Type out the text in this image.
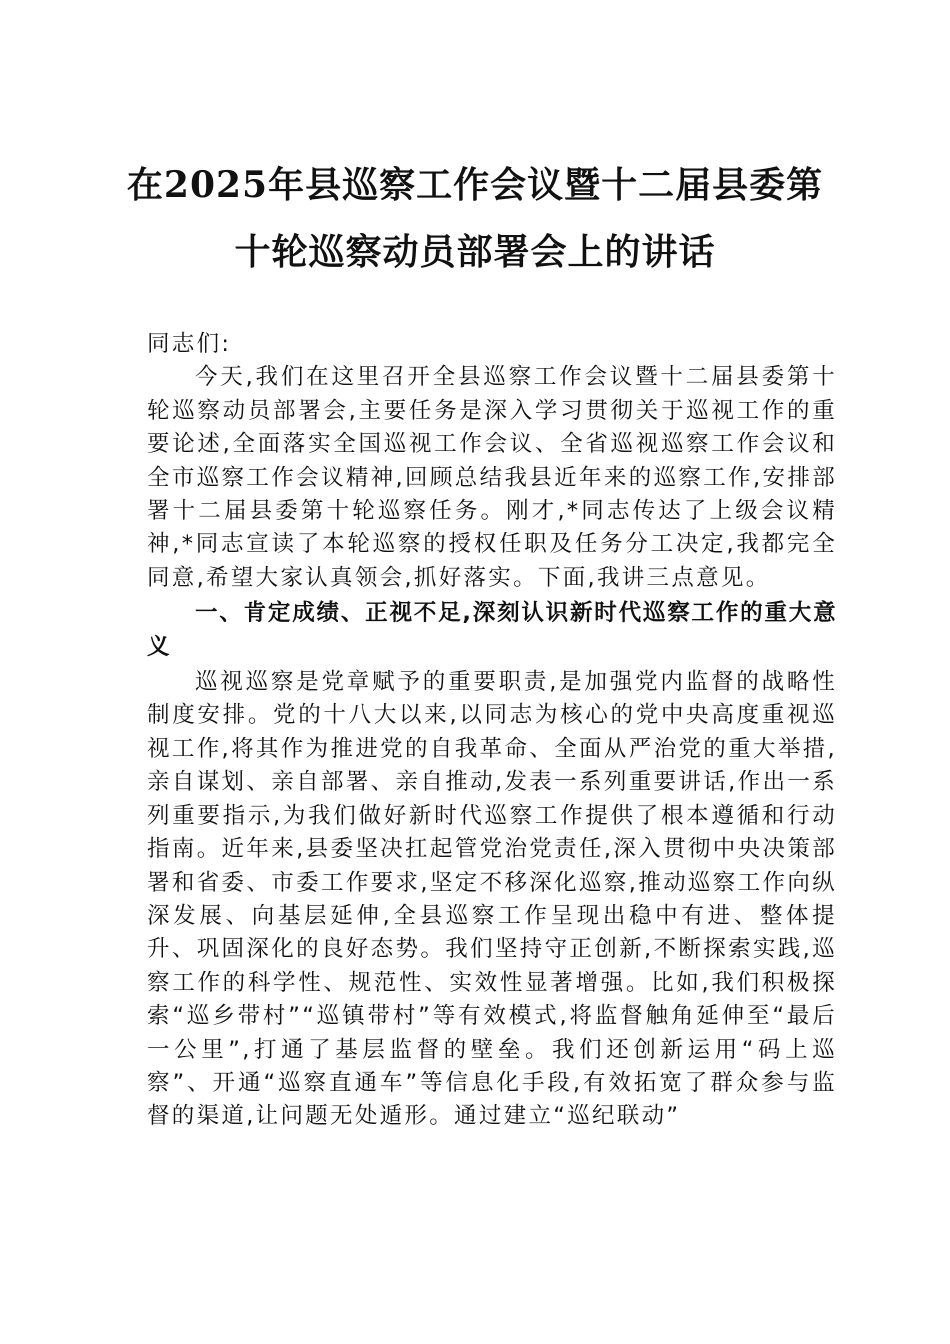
在2025年县巡察工作会议暨十二届县委第
十轮巡察动员部署会上的讲话

同志们:

今天,我们在这里召开全县巡察工作会议暨十二届县委第十轮巡察动员部署会,主要任务是深入学习贯彻关于巡视工作的重要论述,全面落实全国巡视工作会议、全省巡视巡察工作会议和全市巡察工作会议精神,回顾总结我县近年来的巡察工作,安排部署十二届县委第十轮巡察任务。刚才,*同志传达了上级会议精神,*同志宣读了本轮巡察的授权任职及任务分工决定,我都完全同意,希望大家认真领会,抓好落实。下面,我讲三点意见。

一、肯定成绩、正视不足,深刻认识新时代巡察工作的重大意义

巡视巡察是党章赋予的重要职责,是加强党内监督的战略性制度安排。党的十八大以来,以同志为核心的党中央高度重视巡视工作,将其作为推进党的自我革命、全面从严治党的重大举措,亲自谋划、亲自部署、亲自推动,发表一系列重要讲话,作出一系列重要指示,为我们做好新时代巡察工作提供了根本遵循和行动指南。近年来,县委坚决扛起管党治党责任,深入贯彻中央决策部署和省委、市委工作要求,坚定不移深化巡察,推动巡察工作向纵深发展、向基层延伸,全县巡察工作呈现出稳中有进、整体提升、巩固深化的良好态势。我们坚持守正创新,不断探索实践,巡察工作的科学性、规范性、实效性显著增强。比如,我们积极探索“巡乡带村”“巡镇带村”等有效模式,将监督触角延伸至“最后一公里”,打通了基层监督的壁垒。我们还创新运用“码上巡察”、开通“巡察直通车”等信息化手段,有效拓宽了群众参与监督的渠道,让问题无处遁形。通过建立“巡纪联动”
